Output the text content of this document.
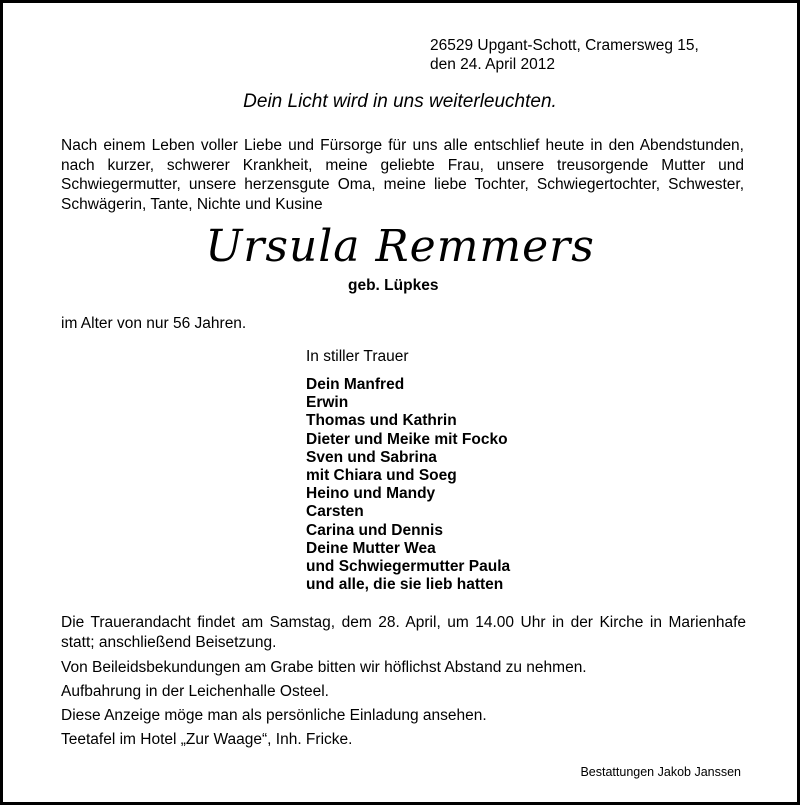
26529 Upgant-Schott, Cramersweg 15,
den 24. April 2012
Dein Licht wird in uns weiterleuchten.
Nach einem Leben voller Liebe und Fürsorge für uns alle entschlief heute in den Abendstunden, nach kurzer, schwerer Krankheit, meine geliebte Frau, unsere treusorgende Mutter und Schwiegermutter, unsere herzensgute Oma, meine liebe Tochter, Schwiegertochter, Schwester, Schwägerin, Tante, Nichte und Kusine
Ursula Remmers
geb. Lüpkes
im Alter von nur 56 Jahren.
In stiller Trauer
Dein Manfred
Erwin
Thomas und Kathrin
Dieter und Meike mit Focko
Sven und Sabrina
mit Chiara und Soeg
Heino und Mandy
Carsten
Carina und Dennis
Deine Mutter Wea
und Schwiegermutter Paula
und alle, die sie lieb hatten
Die Trauerandacht findet am Samstag, dem 28. April, um 14.00 Uhr in der Kirche in Marienhafe statt; anschließend Beisetzung.
Von Beileidsbekundungen am Grabe bitten wir höflichst Abstand zu nehmen.
Aufbahrung in der Leichenhalle Osteel.
Diese Anzeige möge man als persönliche Einladung ansehen.
Teetafel im Hotel „Zur Waage“, Inh. Fricke.
Bestattungen Jakob Janssen
